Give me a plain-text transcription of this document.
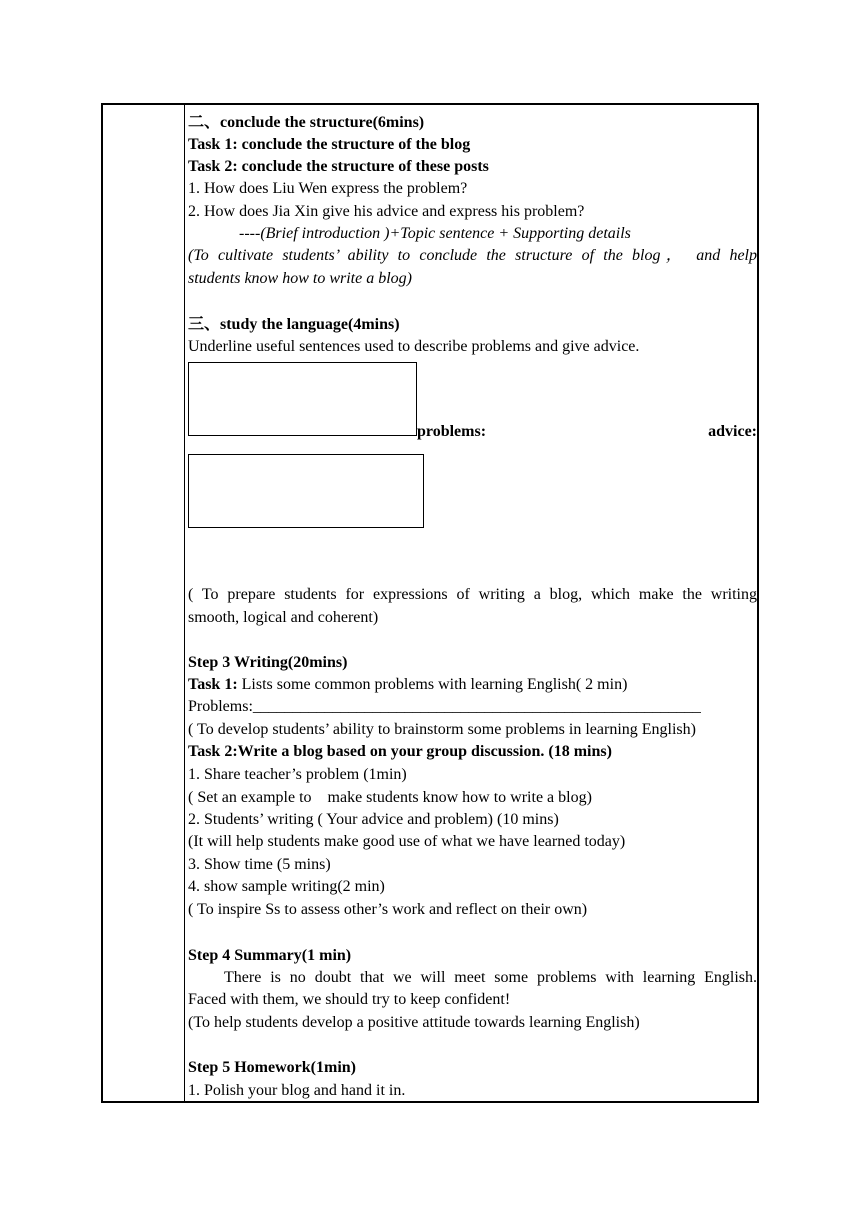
二、conclude the structure(6mins)
Task 1: conclude the structure of the blog
Task 2: conclude the structure of these posts
1. How does Liu Wen express the problem?
2. How does Jia Xin give his advice and express his problem?
----(Brief introduction )+Topic sentence + Supporting details
(To cultivate students’ ability to conclude the structure of the blog， and help
students know how to write a blog)
三、study the language(4mins)
Underline useful sentences used to describe problems and give advice.
problems:	advice:
( To prepare students for expressions of writing a blog, which make the writing
smooth, logical and coherent)
Step 3 Writing(20mins)
Task 1: Lists some common problems with learning English( 2 min)
Problems:________________________________________________________
( To develop students’ ability to brainstorm some problems in learning English)
Task 2:Write a blog based on your group discussion. (18 mins)
1. Share teacher’s problem (1min)
( Set an example to    make students know how to write a blog)
2. Students’ writing ( Your advice and problem) (10 mins)
(It will help students make good use of what we have learned today)
3. Show time (5 mins)
4. show sample writing(2 min)
( To inspire Ss to assess other’s work and reflect on their own)
Step 4 Summary(1 min)
There is no doubt that we will meet some problems with learning English.
Faced with them, we should try to keep confident!
(To help students develop a positive attitude towards learning English)
Step 5 Homework(1min)
1. Polish your blog and hand it in.
